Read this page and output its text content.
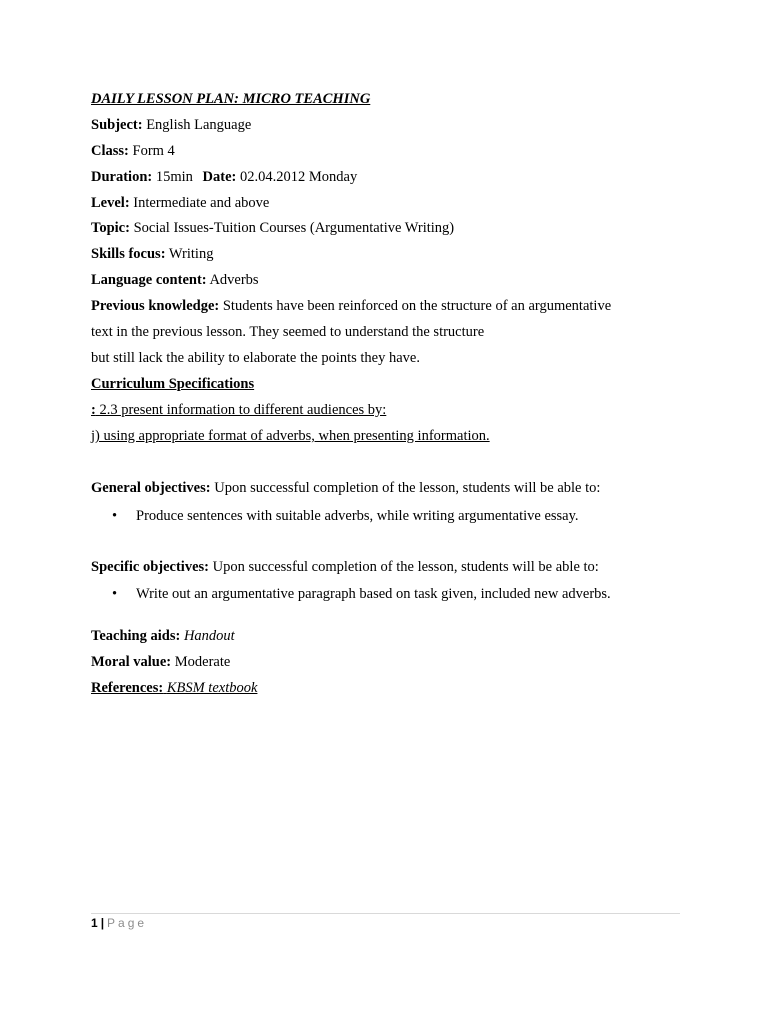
DAILY LESSON PLAN: MICRO TEACHING
Subject: English Language
Class: Form 4
Duration: 15min Date: 02.04.2012 Monday
Level: Intermediate and above
Topic: Social Issues-Tuition Courses (Argumentative Writing)
Skills focus: Writing
Language content: Adverbs
Previous knowledge: Students have been reinforced on the structure of an argumentative
text in the previous lesson. They seemed to understand the structure
but still lack the ability to elaborate the points they have.
Curriculum Specifications
: 2.3 present information to different audiences by:
j) using appropriate format of adverbs, when presenting information.
General objectives: Upon successful completion of the lesson, students will be able to:
• Produce sentences with suitable adverbs, while writing argumentative essay.
Specific objectives: Upon successful completion of the lesson, students will be able to:
• Write out an argumentative paragraph based on task given, included new adverbs.
Teaching aids: Handout
Moral value: Moderate
References: KBSM textbook
1 | Page
